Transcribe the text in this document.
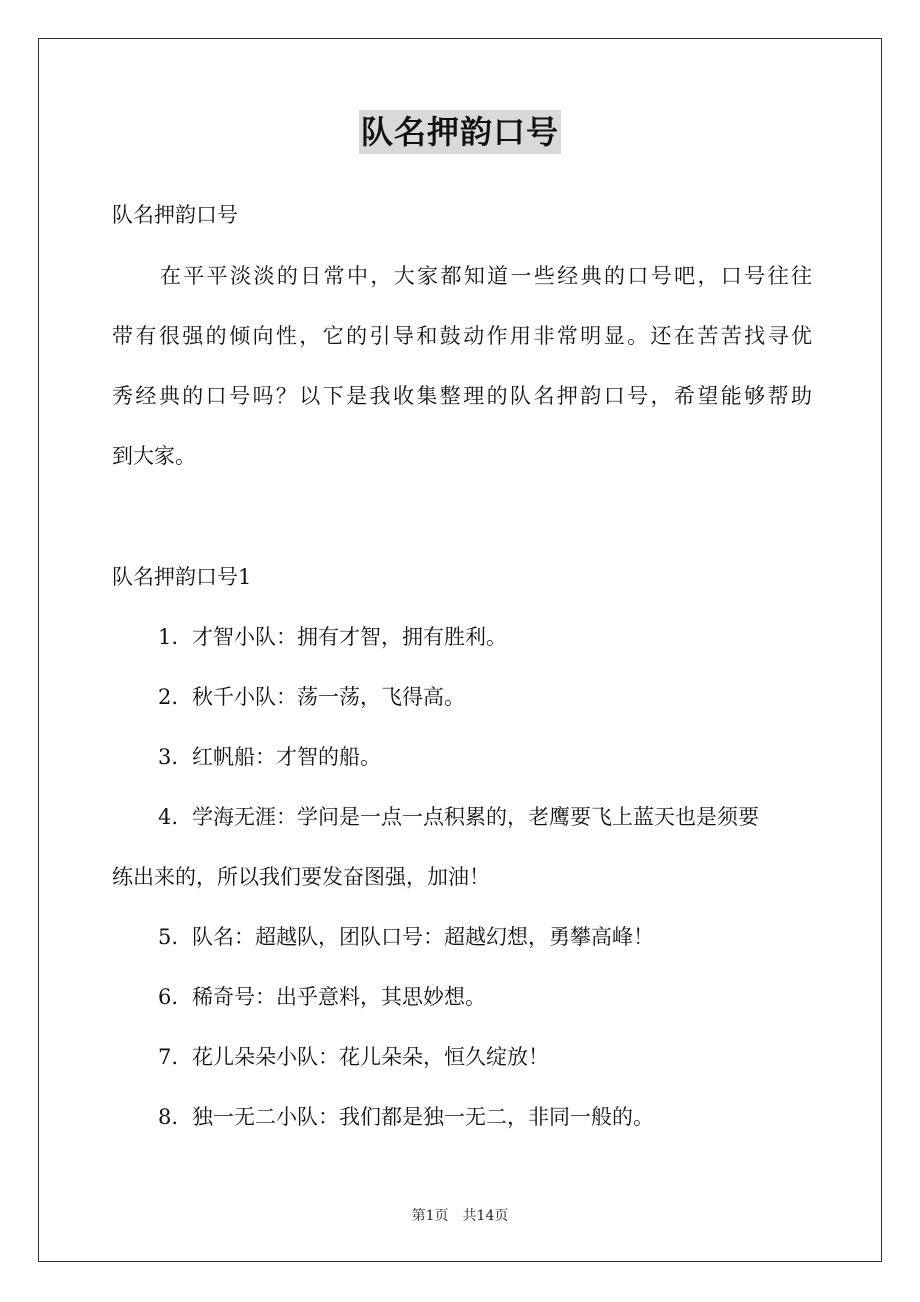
队名押韵口号
队名押韵口号
在平平淡淡的日常中，大家都知道一些经典的口号吧，口号往往
带有很强的倾向性，它的引导和鼓动作用非常明显。还在苦苦找寻优
秀经典的口号吗？以下是我收集整理的队名押韵口号，希望能够帮助
到大家。
队名押韵口号1
1. 才智小队：拥有才智，拥有胜利。
2. 秋千小队：荡一荡，飞得高。
3. 红帆船：才智的船。
4. 学海无涯：学问是一点一点积累的，老鹰要飞上蓝天也是须要
练出来的，所以我们要发奋图强，加油！
5. 队名：超越队，团队口号：超越幻想，勇攀高峰！
6. 稀奇号：出乎意料，其思妙想。
7. 花儿朵朵小队：花儿朵朵，恒久绽放！
8. 独一无二小队：我们都是独一无二，非同一般的。
第1页　共14页
